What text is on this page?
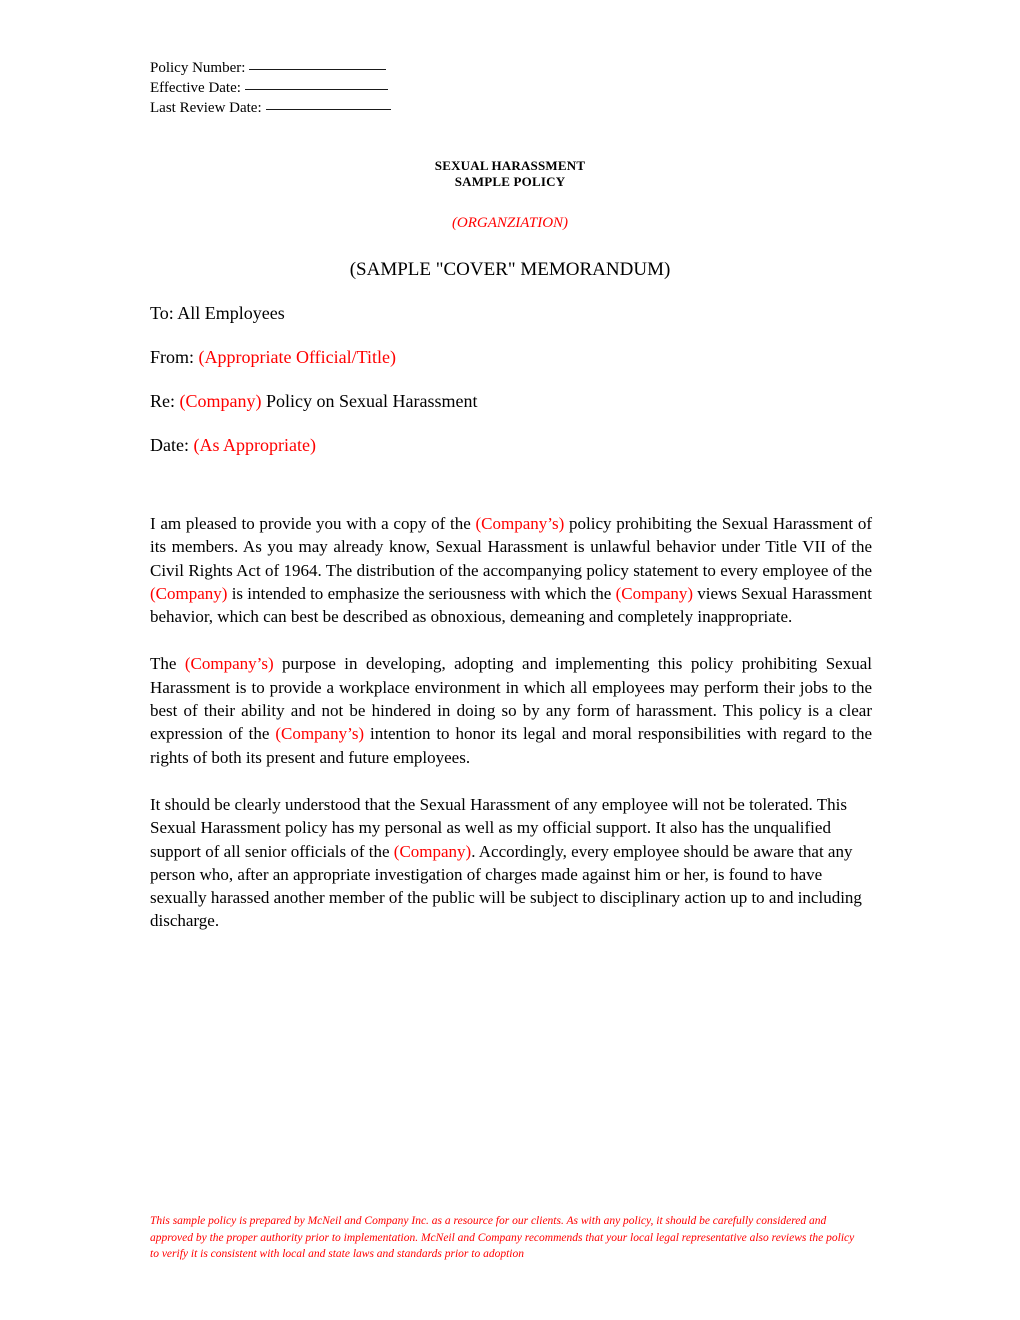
Policy Number:
Effective Date:
Last Review Date:
SEXUAL HARASSMENT
SAMPLE POLICY
(ORGANZIATION)
(SAMPLE "COVER" MEMORANDUM)
To: All Employees
From: (Appropriate Official/Title)
Re: (Company) Policy on Sexual Harassment
Date: (As Appropriate)

I am pleased to provide you with a copy of the (Company’s) policy prohibiting the Sexual Harassment of its members. As you may already know, Sexual Harassment is unlawful behavior under Title VII of the Civil Rights Act of 1964. The distribution of the accompanying policy statement to every employee of the (Company) is intended to emphasize the seriousness with which the (Company) views Sexual Harassment behavior, which can best be described as obnoxious, demeaning and completely inappropriate.

The (Company’s) purpose in developing, adopting and implementing this policy prohibiting Sexual Harassment is to provide a workplace environment in which all employees may perform their jobs to the best of their ability and not be hindered in doing so by any form of harassment. This policy is a clear expression of the (Company’s) intention to honor its legal and moral responsibilities with regard to the rights of both its present and future employees.

It should be clearly understood that the Sexual Harassment of any employee will not be tolerated. This Sexual Harassment policy has my personal as well as my official support. It also has the unqualified support of all senior officials of the (Company). Accordingly, every employee should be aware that any person who, after an appropriate investigation of charges made against him or her, is found to have sexually harassed another member of the public will be subject to disciplinary action up to and including discharge.

This sample policy is prepared by McNeil and Company Inc. as a resource for our clients. As with any policy, it should be carefully considered and approved by the proper authority prior to implementation. McNeil and Company recommends that your local legal representative also reviews the policy to verify it is consistent with local and state laws and standards prior to adoption
